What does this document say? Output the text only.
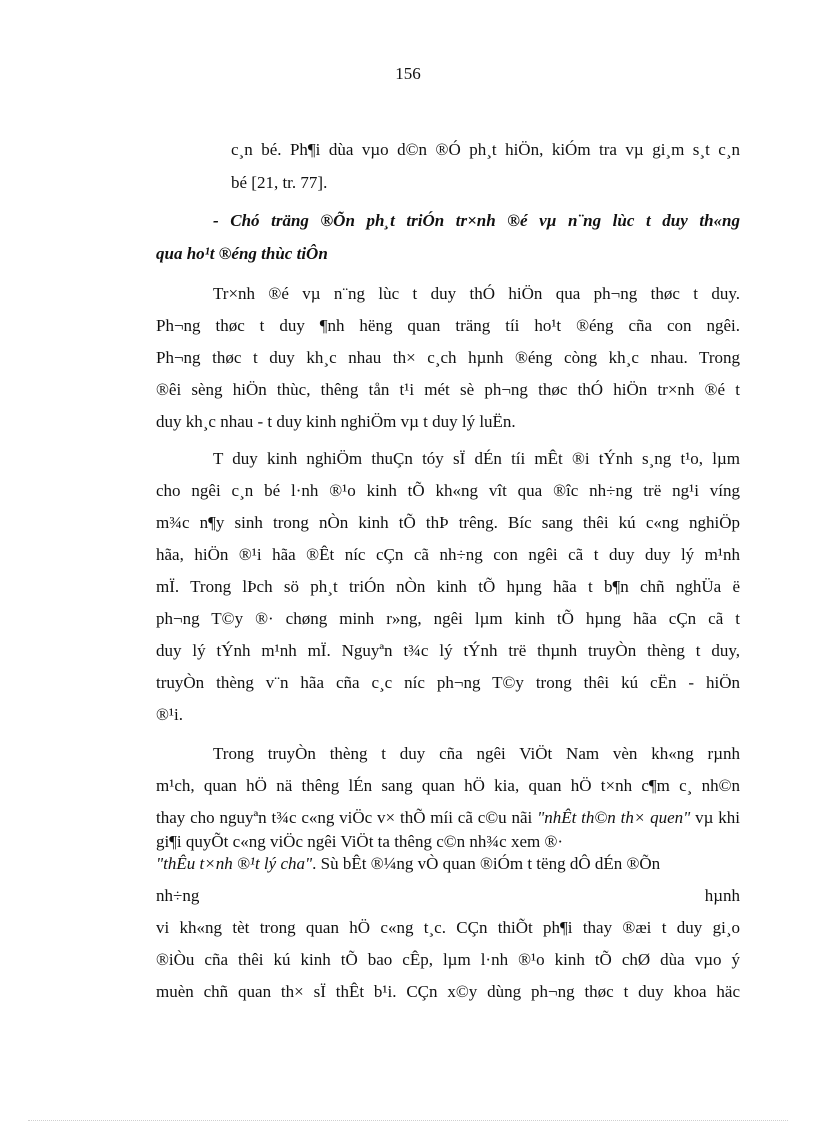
156
c¸n bé. Ph¶i dùa vµo d©n ®Ó ph¸t hiÖn, kiÓm tra vµ gi¸m s¸t c¸n
bé [21, tr. 77].
- Chó träng ®Õn ph¸t triÓn tr×nh ®é vµ n¨ng lùc t duy th«ng
qua ho¹t ®éng thùc tiÔn
Tr×nh ®é vµ n¨ng lùc t duy thÓ hiÖn qua ph¬ng thøc t duy.
Ph¬ng thøc t duy ¶nh hëng quan träng tíi ho¹t ®éng cña con ngêi.
Ph¬ng thøc t duy kh¸c nhau th× c¸ch hµnh ®éng còng kh¸c nhau. Trong
®êi sèng hiÖn thùc, thêng tån t¹i mét sè ph¬ng thøc thÓ hiÖn tr×nh ®é t
duy kh¸c nhau - t duy kinh nghiÖm vµ t duy lý luËn.
T duy kinh nghiÖm thuÇn tóy sÏ dÉn tíi mÊt ®i tÝnh s¸ng t¹o, lµm
cho ngêi c¸n bé l·nh ®¹o kinh tÕ kh«ng vît qua ®îc nh÷ng trë ng¹i víng
m¾c n¶y sinh trong nÒn kinh tÕ thÞ trêng. Bíc sang thêi kú c«ng nghiÖp
hãa, hiÖn ®¹i hãa ®Êt níc cÇn cã nh÷ng con ngêi cã t duy duy lý m¹nh
mÏ. Trong lÞch sö ph¸t triÓn nÒn kinh tÕ hµng hãa t b¶n chñ nghÜa ë
ph¬ng T©y ®· chøng minh r»ng, ngêi lµm kinh tÕ hµng hãa cÇn cã t
duy lý tÝnh m¹nh mÏ. Nguyªn t¾c lý tÝnh trë thµnh truyÒn thèng t duy,
truyÒn thèng v¨n hãa cña c¸c níc ph¬ng T©y trong thêi kú cËn - hiÖn
®¹i.
Trong truyÒn thèng t duy cña ngêi ViÖt Nam vèn kh«ng rµnh
m¹ch, quan hÖ nä thêng lÉn sang quan hÖ kia, quan hÖ t×nh c¶m c¸ nh©n
thay cho nguyªn t¾c c«ng viÖc v× thÕ míi cã c©u nãi "nhÊt th©n th× quen" vµ khi gi¶i quyÕt c«ng viÖc ngêi ViÖt ta thêng c©n nh¾c xem ®·
"thÊu t×nh ®¹t lý cha". Sù bÊt ®¼ng vÒ quan ®iÓm t tëng dÔ dÉn ®Õn
nh÷ng	hµnh
vi kh«ng tèt trong quan hÖ c«ng t¸c. CÇn thiÕt ph¶i thay ®æi t duy gi¸o
®iÒu cña thêi kú kinh tÕ bao cÊp, lµm l·nh ®¹o kinh tÕ chØ dùa vµo ý
muèn chñ quan th× sÏ thÊt b¹i. CÇn x©y dùng ph¬ng thøc t duy khoa häc
